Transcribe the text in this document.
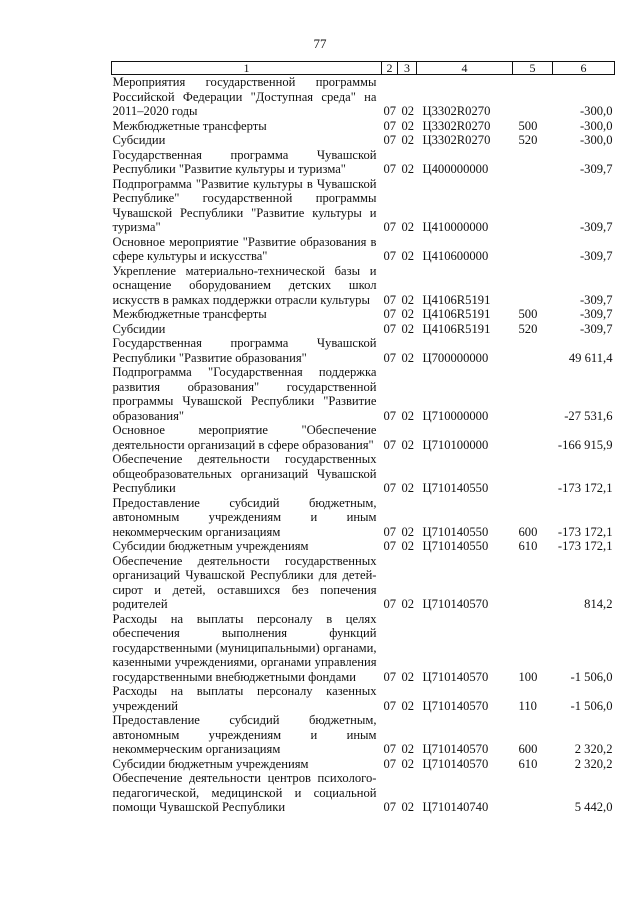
77
1	2	3	4	5	6
Мероприятия государственной программы Российской Федерации "Доступная среда" на 2011–2020 годы	07	02	Ц3302R0270		-300,0
Межбюджетные трансферты	07	02	Ц3302R0270	500	-300,0
Субсидии	07	02	Ц3302R0270	520	-300,0
Государственная программа Чувашской Республики "Развитие культуры и туризма"	07	02	Ц400000000		-309,7
Подпрограмма "Развитие культуры в Чувашской Республике" государственной программы Чувашской Республики "Развитие культуры и туризма"	07	02	Ц410000000		-309,7
Основное мероприятие "Развитие образования в сфере культуры и искусства"	07	02	Ц410600000		-309,7
Укрепление материально-технической базы и оснащение оборудованием детских школ искусств в рамках поддержки отрасли культуры	07	02	Ц4106R5191		-309,7
Межбюджетные трансферты	07	02	Ц4106R5191	500	-309,7
Субсидии	07	02	Ц4106R5191	520	-309,7
Государственная программа Чувашской Республики "Развитие образования"	07	02	Ц700000000		49 611,4
Подпрограмма "Государственная поддержка развития образования" государственной программы Чувашской Республики "Развитие образования"	07	02	Ц710000000		-27 531,6
Основное мероприятие "Обеспечение деятельности организаций в сфере образования"	07	02	Ц710100000		-166 915,9
Обеспечение деятельности государственных общеобразовательных организаций Чувашской Республики	07	02	Ц710140550		-173 172,1
Предоставление субсидий бюджетным, автономным учреждениям и иным некоммерческим организациям	07	02	Ц710140550	600	-173 172,1
Субсидии бюджетным учреждениям	07	02	Ц710140550	610	-173 172,1
Обеспечение деятельности государственных организаций Чувашской Республики для детей-сирот и детей, оставшихся без попечения родителей	07	02	Ц710140570		814,2
Расходы на выплаты персоналу в целях обеспечения выполнения функций государственными (муниципальными) органами, казенными учреждениями, органами управления государственными внебюджетными фондами	07	02	Ц710140570	100	-1 506,0
Расходы на выплаты персоналу казенных учреждений	07	02	Ц710140570	110	-1 506,0
Предоставление субсидий бюджетным, автономным учреждениям и иным некоммерческим организациям	07	02	Ц710140570	600	2 320,2
Субсидии бюджетным учреждениям	07	02	Ц710140570	610	2 320,2
Обеспечение деятельности центров психолого-педагогической, медицинской и социальной помощи Чувашской Республики	07	02	Ц710140740		5 442,0
